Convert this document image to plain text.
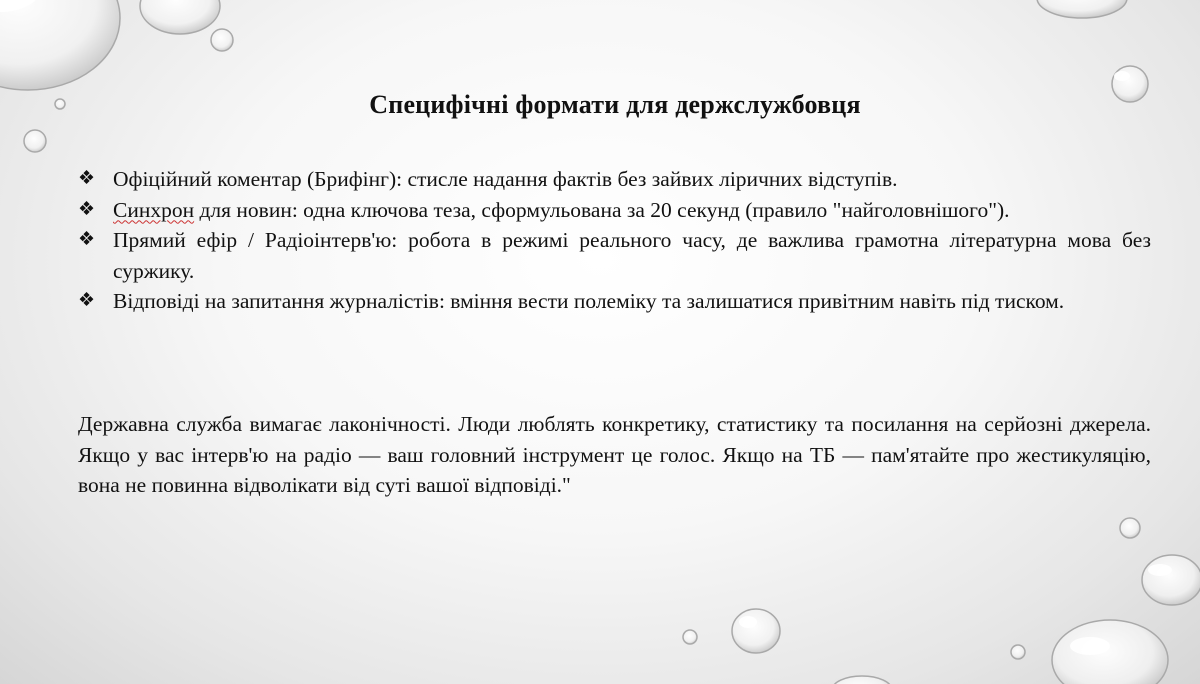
Специфічні формати для держслужбовця
❖ Офіційний коментар (Брифінг): стисле надання фактів без зайвих ліричних відступів.
❖ Синхрон для новин: одна ключова теза, сформульована за 20 секунд (правило "найголовнішого").
❖ Прямий ефір / Радіоінтерв'ю: робота в режимі реального часу, де важлива грамотна літературна мова без суржику.
❖ Відповіді на запитання журналістів: вміння вести полеміку та залишатися привітним навіть під тиском.

Державна служба вимагає лаконічності. Люди люблять конкретику, статистику та посилання на серйозні джерела. Якщо у вас інтерв'ю на радіо — ваш головний інструмент це голос. Якщо на ТБ — пам'ятайте про жестикуляцію, вона не повинна відволікати від суті вашої відповіді."
